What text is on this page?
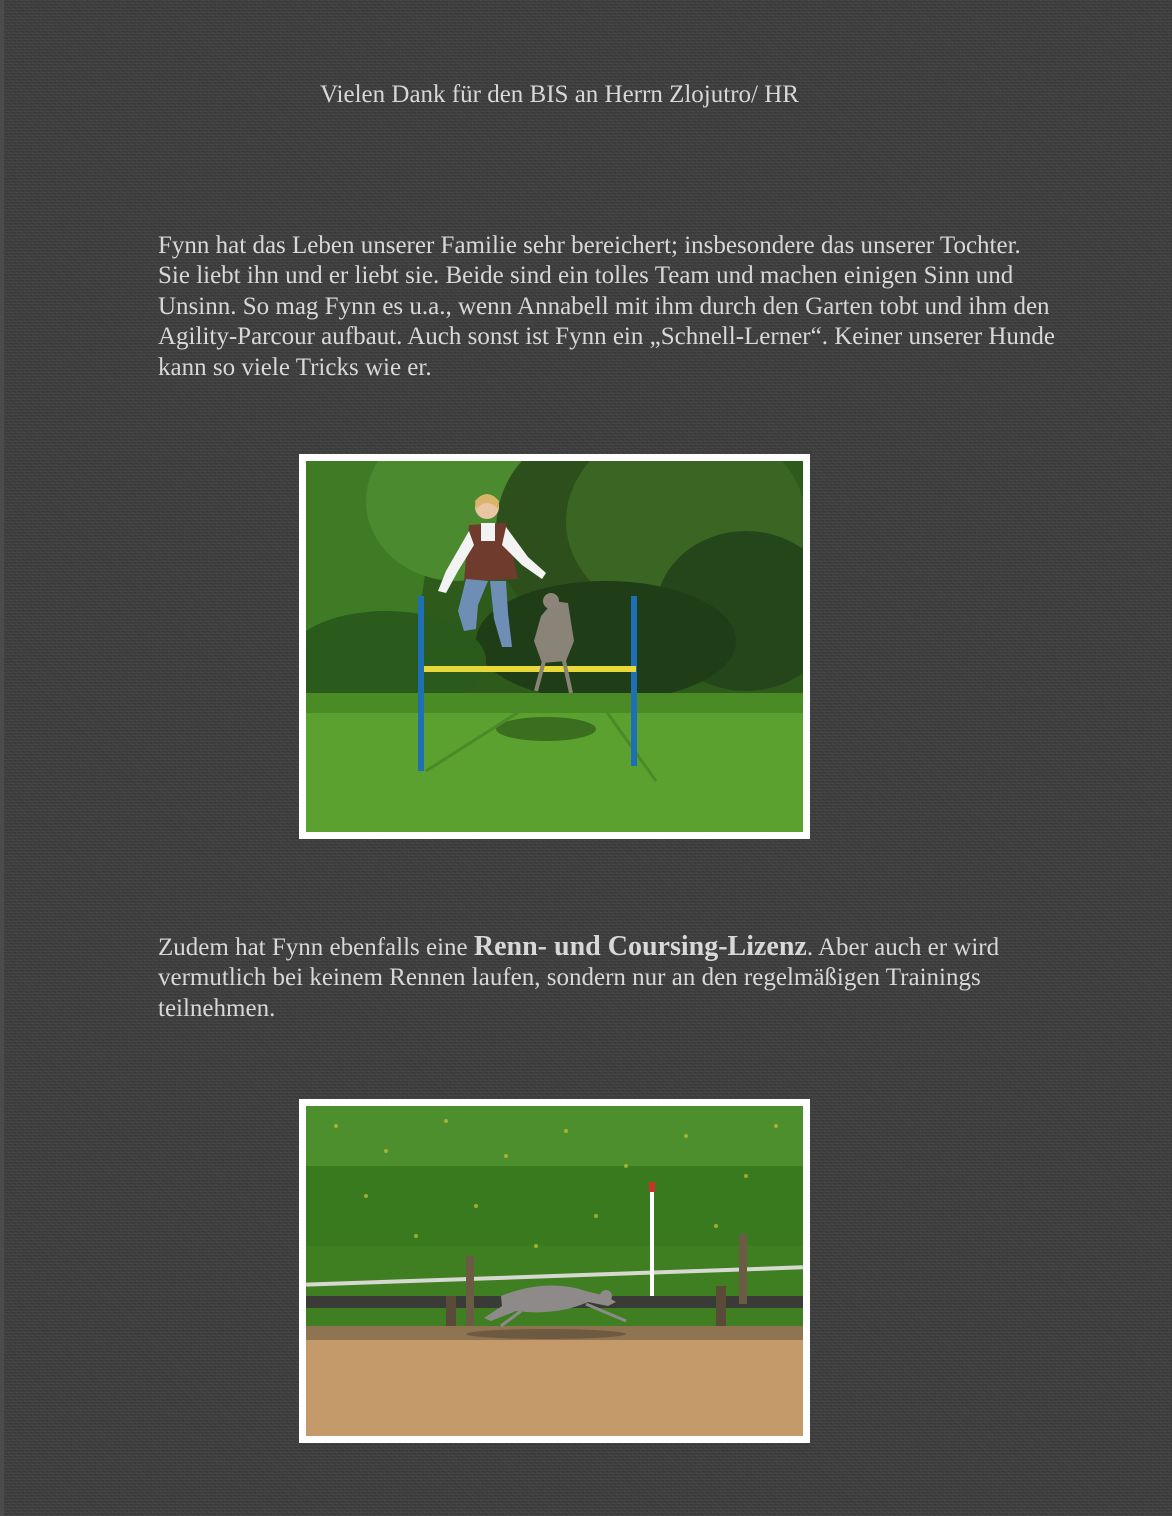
Vielen Dank für den BIS an Herrn Zlojutro/ HR

Fynn hat das Leben unserer Familie sehr bereichert; insbesondere das unserer Tochter. Sie liebt ihn und er liebt sie. Beide sind ein tolles Team und machen einigen Sinn und Unsinn. So mag Fynn es u.a., wenn Annabell mit ihm durch den Garten tobt und ihm den Agility-Parcour aufbaut. Auch sonst ist Fynn ein „Schnell-Lerner“. Keiner unserer Hunde kann so viele Tricks wie er.

Zudem hat Fynn ebenfalls eine Renn- und Coursing-Lizenz. Aber auch er wird vermutlich bei keinem Rennen laufen, sondern nur an den regelmäßigen Trainings teilnehmen.
